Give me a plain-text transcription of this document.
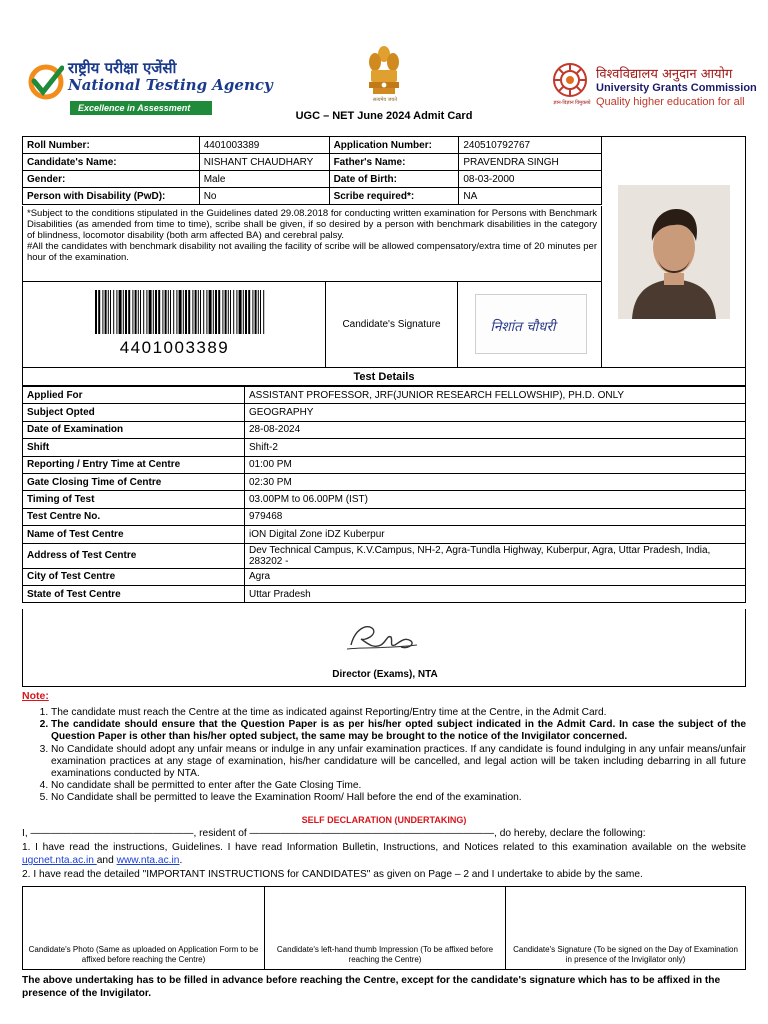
राष्ट्रीय परीक्षा एजेंसी
National Testing Agency
Excellence in Assessment
सत्यमेव जयते	ज्ञान-विज्ञान विमुक्तये
विश्वविद्यालय अनुदान आयोग
University Grants Commission
Quality higher education for all
UGC – NET June 2024 Admit Card
Roll Number:	4401003389	Application Number:	240510792767
Candidate's Name:	NISHANT CHAUDHARY	Father's Name:	PRAVENDRA SINGH
Gender:	Male	Date of Birth:	08-03-2000
Person with Disability (PwD):	No	Scribe required*:	NA
*Subject to the conditions stipulated in the Guidelines dated 29.08.2018 for conducting written examination for Persons with Benchmark Disabilities (as amended from time to time), scribe shall be given, if so desired by a person with benchmark disabilities in the category of blindness, locomotor disability (both arm affected BA) and cerebral palsy.
#All the candidates with benchmark disability not availing the facility of scribe will be allowed compensatory/extra time of 20 minutes per hour of the examination.
4401003389
Candidate's Signature	निशांत चौधरी
Test Details
Applied For	ASSISTANT PROFESSOR, JRF(JUNIOR RESEARCH FELLOWSHIP), PH.D. ONLY
Subject Opted	GEOGRAPHY
Date of Examination	28-08-2024
Shift	Shift-2
Reporting / Entry Time at Centre	01:00 PM
Gate Closing Time of Centre	02:30 PM
Timing of Test	03.00PM to 06.00PM (IST)
Test Centre No.	979468
Name of Test Centre	iON Digital Zone iDZ Kuberpur
Address of Test Centre	Dev Technical Campus, K.V.Campus, NH-2, Agra-Tundla Highway, Kuberpur, Agra, Uttar Pradesh, India, 283202 -
City of Test Centre	Agra
State of Test Centre	Uttar Pradesh
Director (Exams), NTA
Note:
1. The candidate must reach the Centre at the time as indicated against Reporting/Entry time at the Centre, in the Admit Card.
2. The candidate should ensure that the Question Paper is as per his/her opted subject indicated in the Admit Card. In case the subject of the Question Paper is other than his/her opted subject, the same may be brought to the notice of the Invigilator concerned.
3. No Candidate should adopt any unfair means or indulge in any unfair examination practices. If any candidate is found indulging in any unfair means/unfair examination practices at any stage of examination, his/her candidature will be cancelled, and legal action will be taken including debarring in all future examinations conducted by NTA.
4. No candidate shall be permitted to enter after the Gate Closing Time.
5. No Candidate shall be permitted to leave the Examination Room/ Hall before the end of the examination.
SELF DECLARATION (UNDERTAKING)
I, ————————————————, resident of ————————————————————————, do hereby, declare the following:
1. I have read the instructions, Guidelines. I have read Information Bulletin, Instructions, and Notices related to this examination available on the website ugcnet.nta.ac.in and www.nta.ac.in.
2. I have read the detailed "IMPORTANT INSTRUCTIONS for CANDIDATES" as given on Page – 2 and I undertake to abide by the same.
Candidate's Photo (Same as uploaded on Application Form to be affixed before reaching the Centre)
Candidate's left-hand thumb Impression (To be affixed before reaching the Centre)
Candidate's Signature (To be signed on the Day of Examination in presence of the Invigilator only)
The above undertaking has to be filled in advance before reaching the Centre, except for the candidate's signature which has to be affixed in the presence of the Invigilator.
